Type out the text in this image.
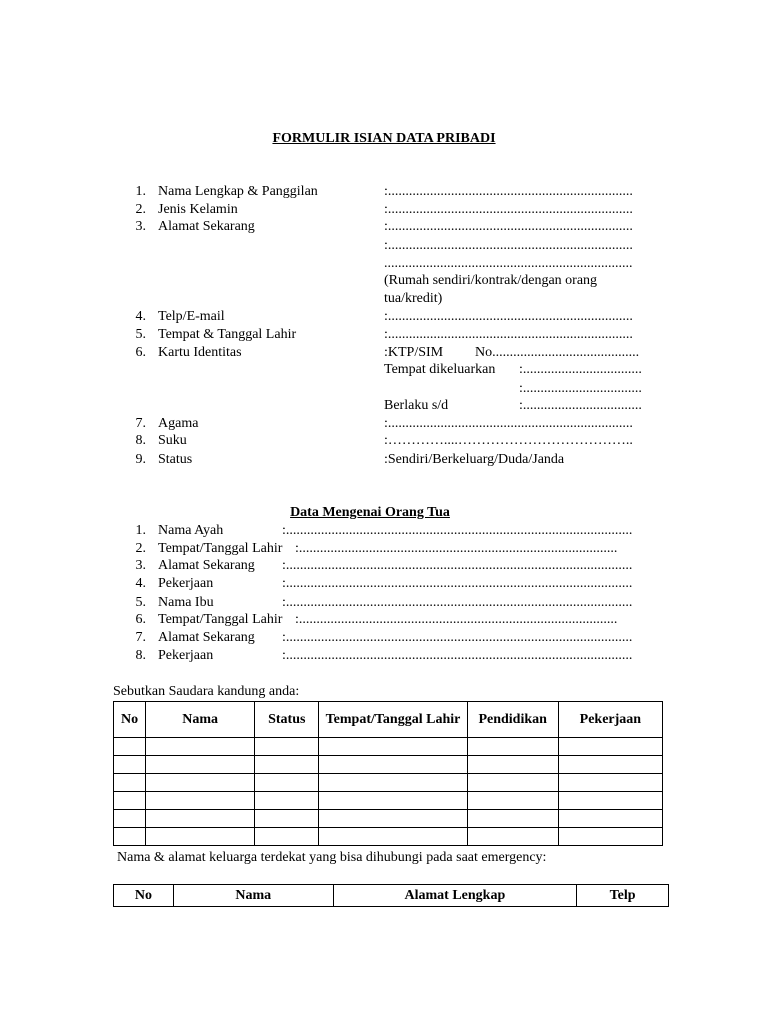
FORMULIR ISIAN DATA PRIBADI
1. Nama Lengkap & Panggilan	:......................................................................
2. Jenis Kelamin	:......................................................................
3. Alamat Sekarang	:......................................................................
:......................................................................
.......................................................................
(Rumah sendiri/kontrak/dengan orang tua/kredit)
4. Telp/E-mail	:......................................................................
5. Tempat & Tanggal Lahir	:......................................................................
6. Kartu Identitas	:KTP/SIM No..........................................
Tempat dikeluarkan :..................................
:..................................
Berlaku s/d	:..................................
7. Agama	:......................................................................
8. Suku	:…………....………………………………..
9. Status	:Sendiri/Berkeluarg/Duda/Janda
Data Mengenai Orang Tua
1. Nama Ayah	:...................................................................................................
2. Tempat/Tanggal Lahir :...........................................................................................
3. Alamat Sekarang :...................................................................................................
4. Pekerjaan	:...................................................................................................
5. Nama Ibu	:...................................................................................................
6. Tempat/Tanggal Lahir :...........................................................................................
7. Alamat Sekarang :...................................................................................................
8. Pekerjaan	:...................................................................................................
Sebutkan Saudara kandung anda:
No	Nama	Status	Tempat/Tanggal Lahir	Pendidikan	Pekerjaan

Nama & alamat keluarga terdekat yang bisa dihubungi pada saat emergency:
No	Nama	Alamat Lengkap	Telp
